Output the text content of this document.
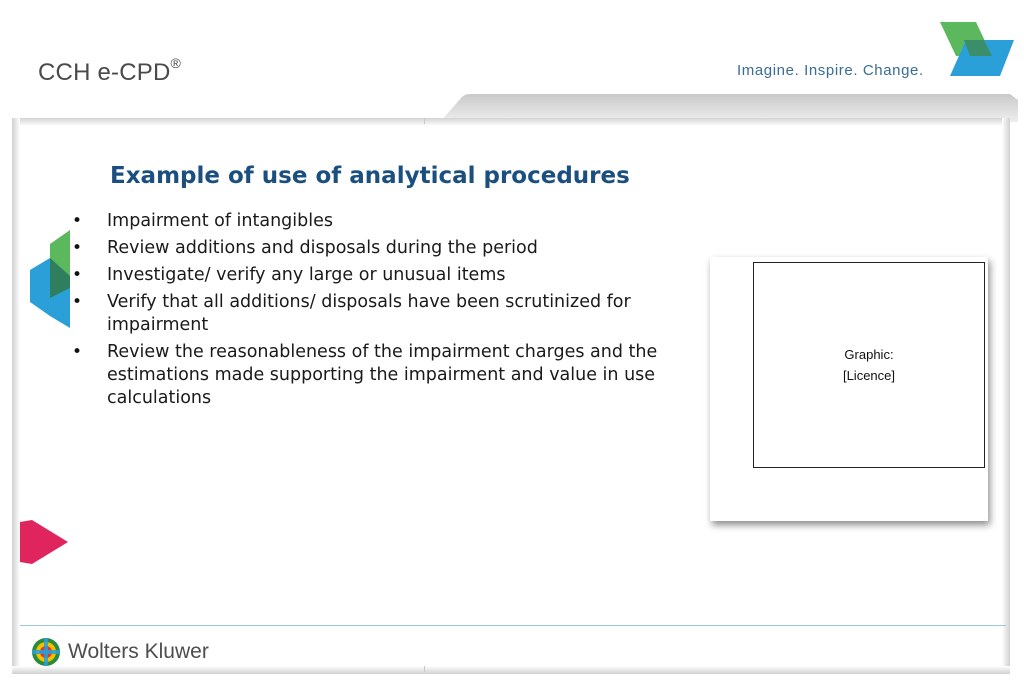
CCH e-CPD®	Imagine. Inspire. Change.
Example of use of analytical procedures
• Impairment of intangibles
• Review additions and disposals during the period
• Investigate/ verify any large or unusual items
• Verify that all additions/ disposals have been scrutinized for impairment
• Review the reasonableness of the impairment charges and the estimations made supporting the impairment and value in use calculations
Graphic:
[Licence]
Wolters Kluwer
